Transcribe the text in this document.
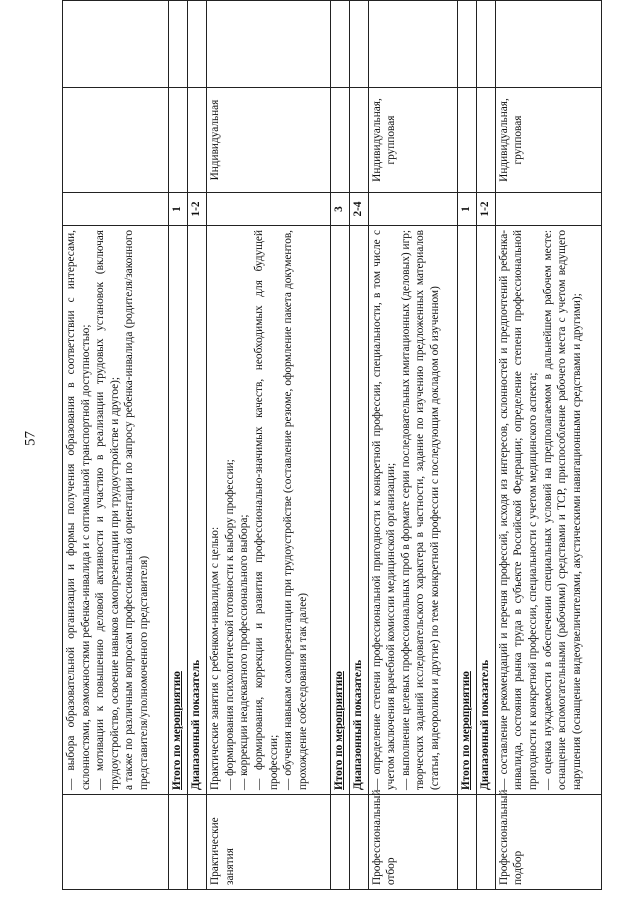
57

	— выбора образовательной организации и формы получения образования в соответствии с интересами, склонностями, возможностями ребенка-инвалида и с оптимальной транспортной доступностью; — мотивации к повышению деловой активности и участию в реализации трудовых установок (включая трудоустройство, освоение навыков самопрезентации при трудоустройстве и другое); а также по различным вопросам профессиональной ориентации по запросу ребенка-инвалида (родителя/законного представителя/уполномоченного представителя)			

	Итого по мероприятию	1		
	Диапазонный показатель	1-2		
Практические занятия	Практические занятия с ребенком-инвалидом с целью: — формирования психологической готовности к выбору профессии; — коррекции неадекватного профессионального выбора; — формирования, коррекции и развития профессионально-значимых качеств, необходимых для будущей профессии; — обучения навыкам самопрезентации при трудоустройстве (составление резюме, оформление пакета документов, прохождение собеседования и так далее)		Индивидуальная	
	Итого по мероприятию	3		
	Диапазонный показатель	2-4		
Профессиональный отбор	— определение степени профессиональной пригодности к конкретной профессии, специальности, в том числе с учетом заключения врачебной комиссии медицинской организации; — выполнение целевых профессиональных проб в формате серии последовательных имитационных (деловых) игр; творческих заданий исследовательского характера в частности, задание по изучению предложенных материалов (статьи, видеоролики и другие) по теме конкретной профессии с последующим докладом об изученном)		Индивидуальная, групповая	
	Итого по мероприятию	1		
	Диапазонный показатель	1-2		
Профессиональный подбор	— составление рекомендаций и перечня профессий, исходя из интересов, склонностей и предпочтений ребенка-инвалида, состояния рынка труда в субъекте Российской Федерации; определение степени профессиональной пригодности к конкретной профессии, специальности с учетом медицинского аспекта; — оценка нуждаемости в обеспечении специальных условий на предполагаемом в дальнейшем рабочем месте: оснащение вспомогательными (рабочими) средствами и ТСР, приспособление рабочего места с учетом ведущего нарушения (оснащение видеоувеличителями, акустическими навигационными средствами и другими);		Индивидуальная, групповая	
